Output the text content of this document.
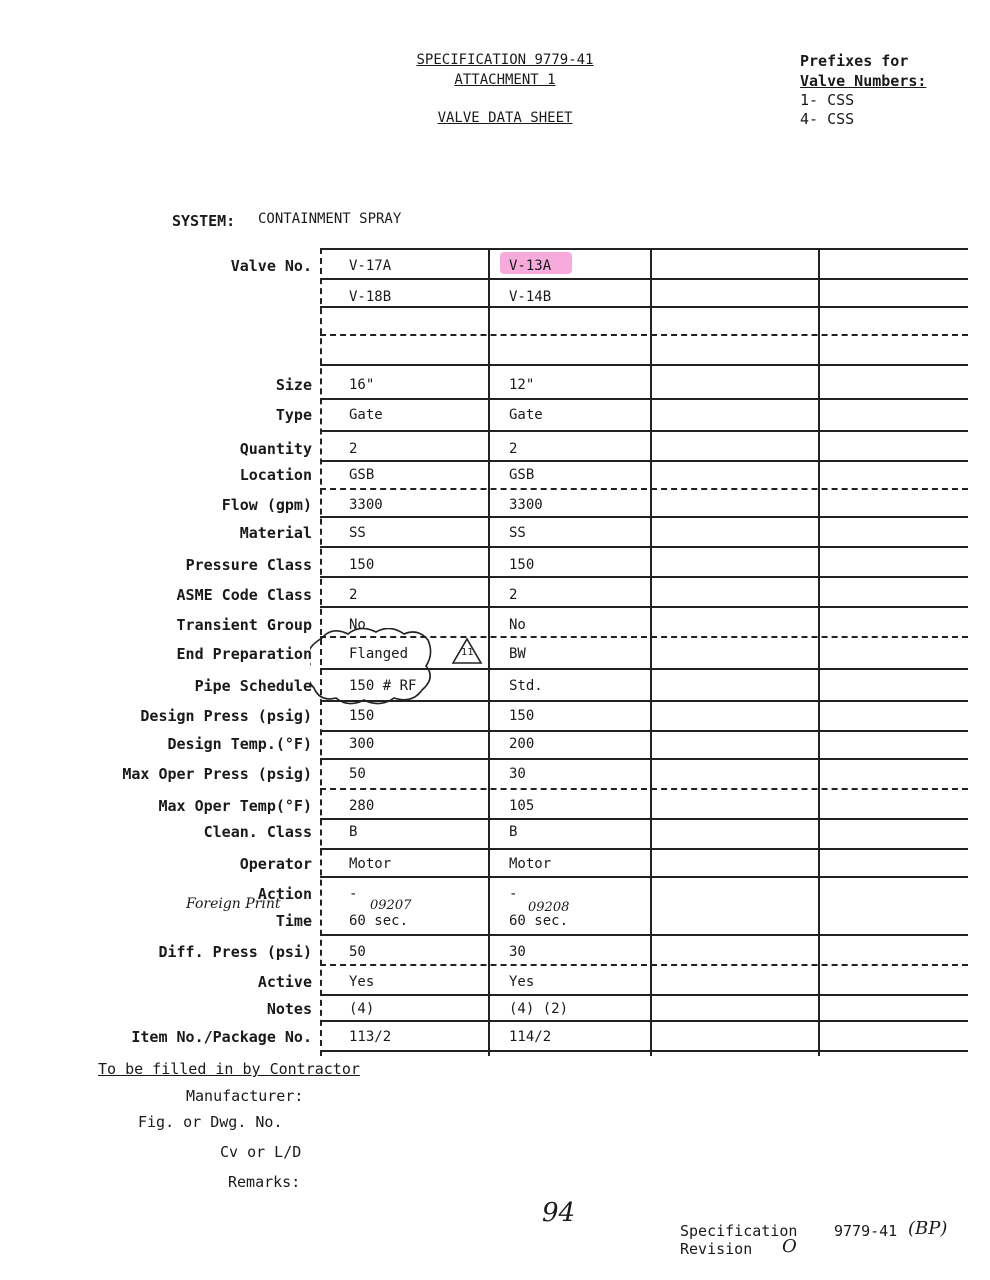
SPECIFICATION 9779-41
ATTACHMENT 1
VALVE DATA SHEET
Prefixes for
Valve Numbers:
1- CSS
4- CSS
SYSTEM: CONTAINMENT SPRAY
Valve No.	V-17A	V-13A
V-18B	V-14B
Size	16"	12"
Type	Gate	Gate
Quantity	2	2
Location	GSB	GSB
Flow (gpm)	3300	3300
Material	SS	SS
Pressure Class	150	150
ASME Code Class	2	2
Transient Group	No	No
End Preparation	Flanged	BW
Pipe Schedule	150 # RF	Std.
Design Press (psig)	150	150
Design Temp.(°F)	300	200
Max Oper Press (psig)	50	30
Max Oper Temp(°F)	280	105
Clean. Class	B	B
Operator	Motor	Motor
Action	-	-
Time	60 sec.	60 sec.
Diff. Press (psi)	50	30
Active	Yes	Yes
Notes	(4)	(4) (2)
Item No./Package No.	113/2	114/2
11
Foreign Print	09207	09208
To be filled in by Contractor
Manufacturer:
Fig. or Dwg. No.
Cv or L/D
Remarks:
94
Specification 9779-41 (BP)
Revision O
